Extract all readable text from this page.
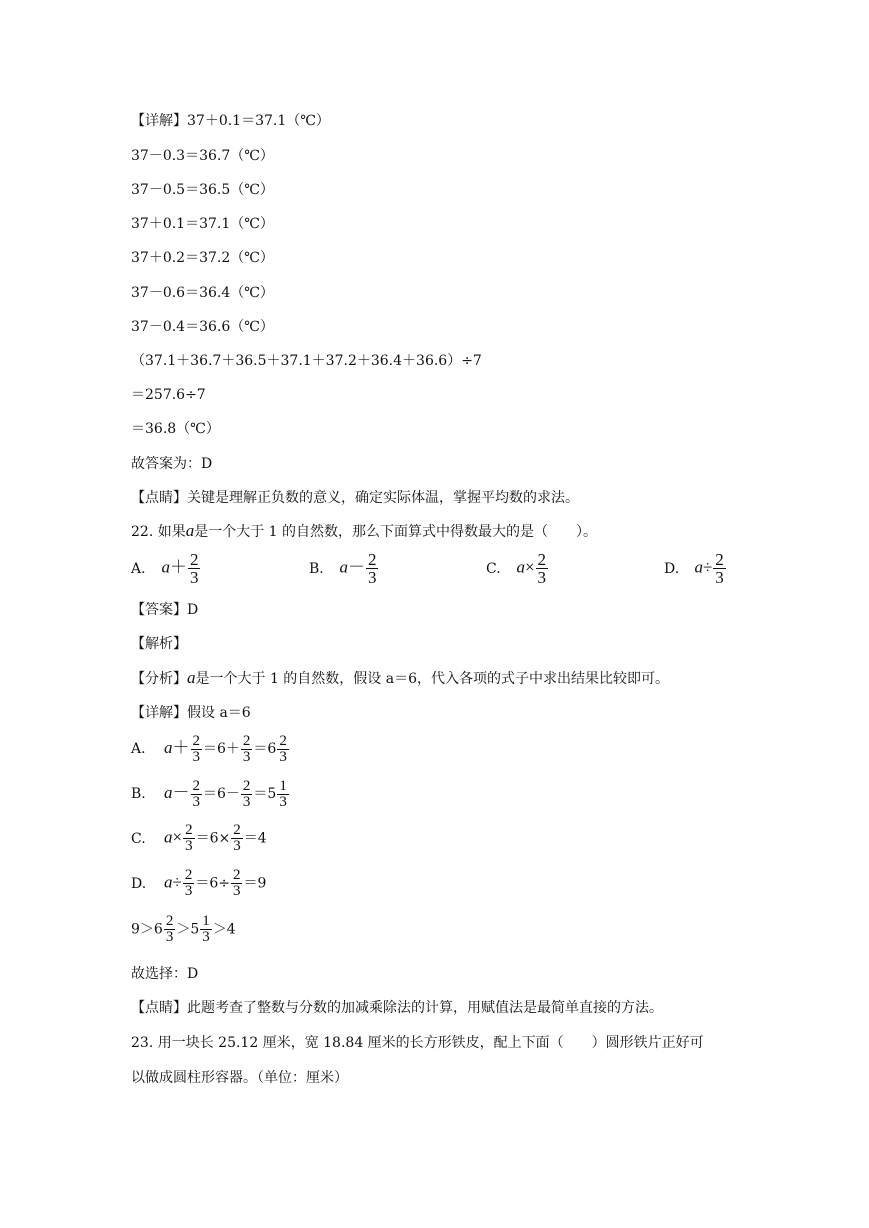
【详解】37＋0.1＝37.1（℃）
37－0.3＝36.7（℃）
37－0.5＝36.5（℃）
37＋0.1＝37.1（℃）
37＋0.2＝37.2（℃）
37－0.6＝36.4（℃）
37－0.4＝36.6（℃）
（37.1＋36.7＋36.5＋37.1＋37.2＋36.4＋36.6）÷7
＝257.6÷7
＝36.8（℃）
故答案为：D
【点睛】关键是理解正负数的意义，确定实际体温，掌握平均数的求法。
22. 如果a是一个大于 1 的自然数，那么下面算式中得数最大的是（　　）。
A. $a+ \frac{2}{3}$	B. $a- \frac{2}{3}$	C. $a\times \frac{2}{3}$	D. $a\div \frac{2}{3}$
【答案】D
【解析】
【分析】a是一个大于 1 的自然数，假设 a＝6，代入各项的式子中求出结果比较即可。
【详解】假设 a＝6
A. $a+ \frac{2}{3} =6+ \frac{2}{3} =6 \frac{2}{3}$
B. $a- \frac{2}{3} =6- \frac{2}{3} =5 \frac{1}{3}$
C. $a\times \frac{2}{3} =6\times \frac{2}{3} =4$
D. $a\div \frac{2}{3} =6\div \frac{2}{3} =9$
$9>6 \frac{2}{3} >5 \frac{1}{3} >4$
故选择：D
【点睛】此题考查了整数与分数的加减乘除法的计算，用赋值法是最简单直接的方法。
23. 用一块长 25.12 厘米，宽 18.84 厘米的长方形铁皮，配上下面（　　）圆形铁片正好可
以做成圆柱形容器。（单位：厘米）
